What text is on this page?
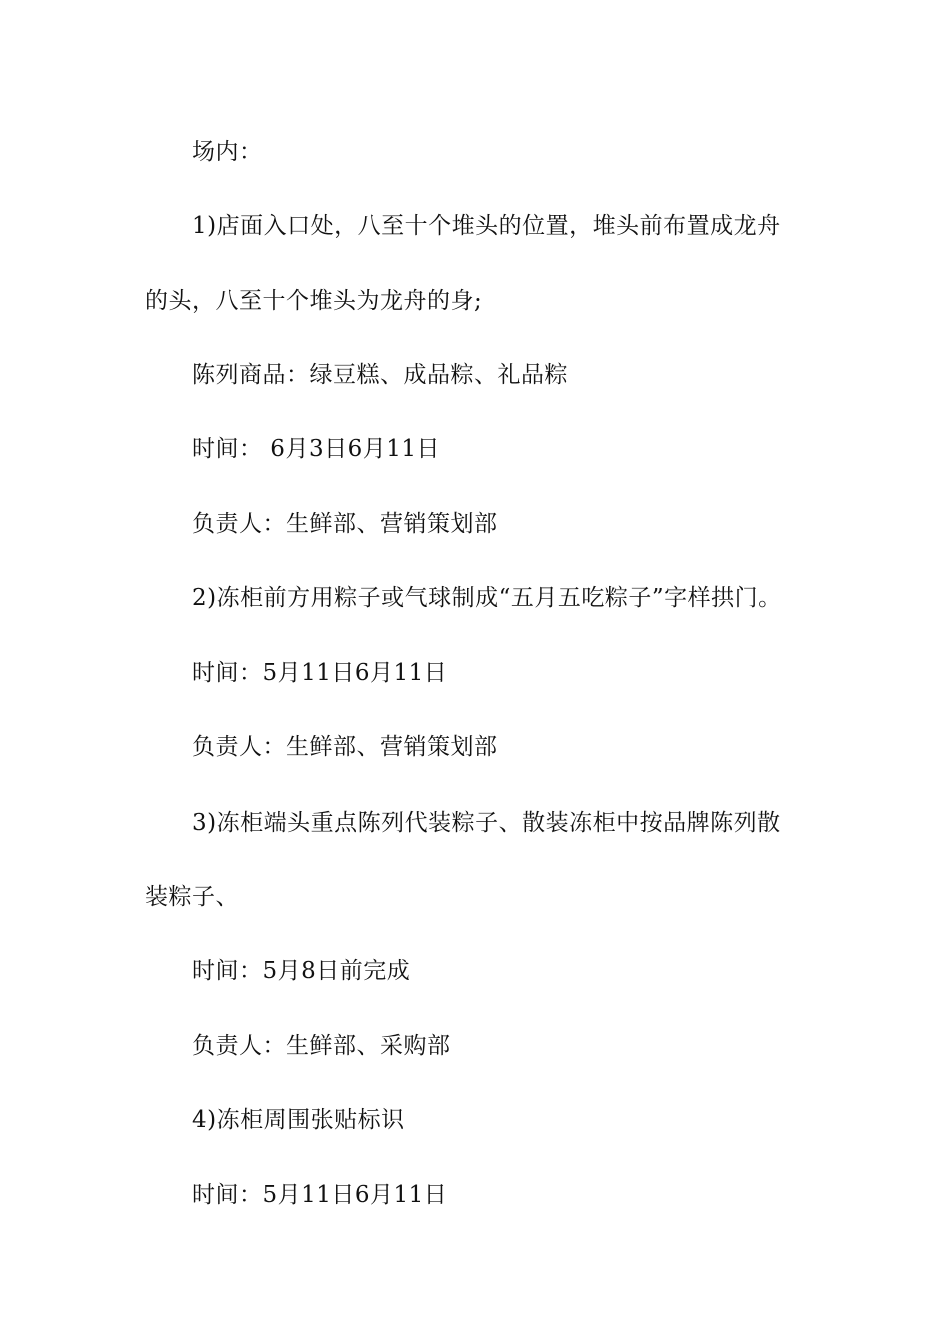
场内：
1)店面入口处，八至十个堆头的位置，堆头前布置成龙舟
的头，八至十个堆头为龙舟的身;
陈列商品：绿豆糕、成品粽、礼品粽
时间： 6月3日6月11日
负责人：生鲜部、营销策划部
2)冻柜前方用粽子或气球制成“五月五吃粽子”字样拱门。
时间：5月11日6月11日
负责人：生鲜部、营销策划部
3)冻柜端头重点陈列代装粽子、散装冻柜中按品牌陈列散
装粽子、
时间：5月8日前完成
负责人：生鲜部、采购部
4)冻柜周围张贴标识
时间：5月11日6月11日
